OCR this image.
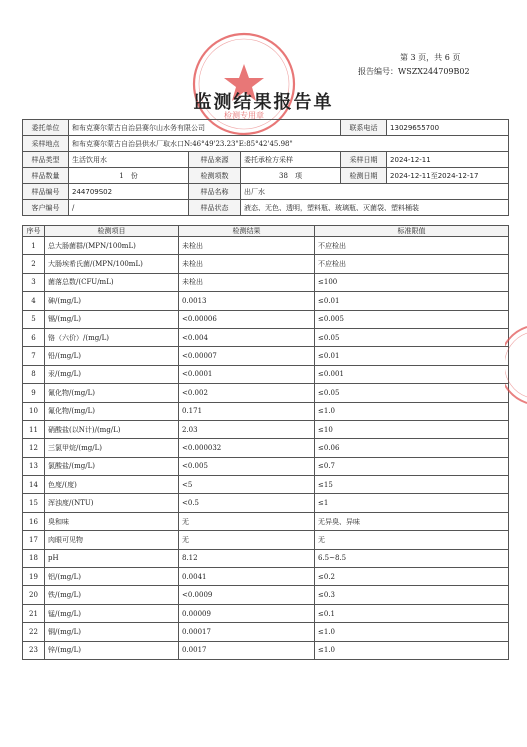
检测专用章
第 3 页，共 6 页
报告编号：WSZX244709B02
监测结果报告单
委托单位	和布克赛尔蒙古自治县赛尔山水务有限公司			联系电话	13029655700
采样地点	和布克赛尔蒙古自治县供水厂取水口N:46°49'23.23"E:85°42'45.98"				
样品类型	生活饮用水	样品来源	委托承检方采样	采样日期	2024-12-11
样品数量	1　份	检测项数	38　项	检测日期	2024-12-11至2024-12-17
样品编号	244709S02	样品名称	出厂水		
客户编号	/	样品状态	液态、无色、透明，塑料瓶、玻璃瓶、灭菌袋、塑料桶装		
序号	检测项目	检测结果	标准限值
1	总大肠菌群/(MPN/100mL)	未检出	不应检出
2	大肠埃希氏菌/(MPN/100mL)	未检出	不应检出
3	菌落总数/(CFU/mL)	未检出	≤100
4	砷/(mg/L)	0.0013	≤0.01
5	镉/(mg/L)	<0.00006	≤0.005
6	铬（六价）/(mg/L)	<0.004	≤0.05
7	铅/(mg/L)	<0.00007	≤0.01
8	汞/(mg/L)	<0.0001	≤0.001
9	氰化物/(mg/L)	<0.002	≤0.05
10	氟化物/(mg/L)	0.171	≤1.0
11	硝酸盐(以N计)/(mg/L)	2.03	≤10
12	三氯甲烷/(mg/L)	<0.000032	≤0.06
13	氯酸盐/(mg/L)	<0.005	≤0.7
14	色度/(度)	<5	≤15
15	浑浊度/(NTU)	<0.5	≤1
16	臭和味	无	无异臭、异味
17	肉眼可见物	无	无
18	pH	8.12	6.5~8.5
19	铝/(mg/L)	0.0041	≤0.2
20	铁/(mg/L)	<0.0009	≤0.3
21	锰/(mg/L)	0.00009	≤0.1
22	铜/(mg/L)	0.00017	≤1.0
23	锌/(mg/L)	0.0017	≤1.0
